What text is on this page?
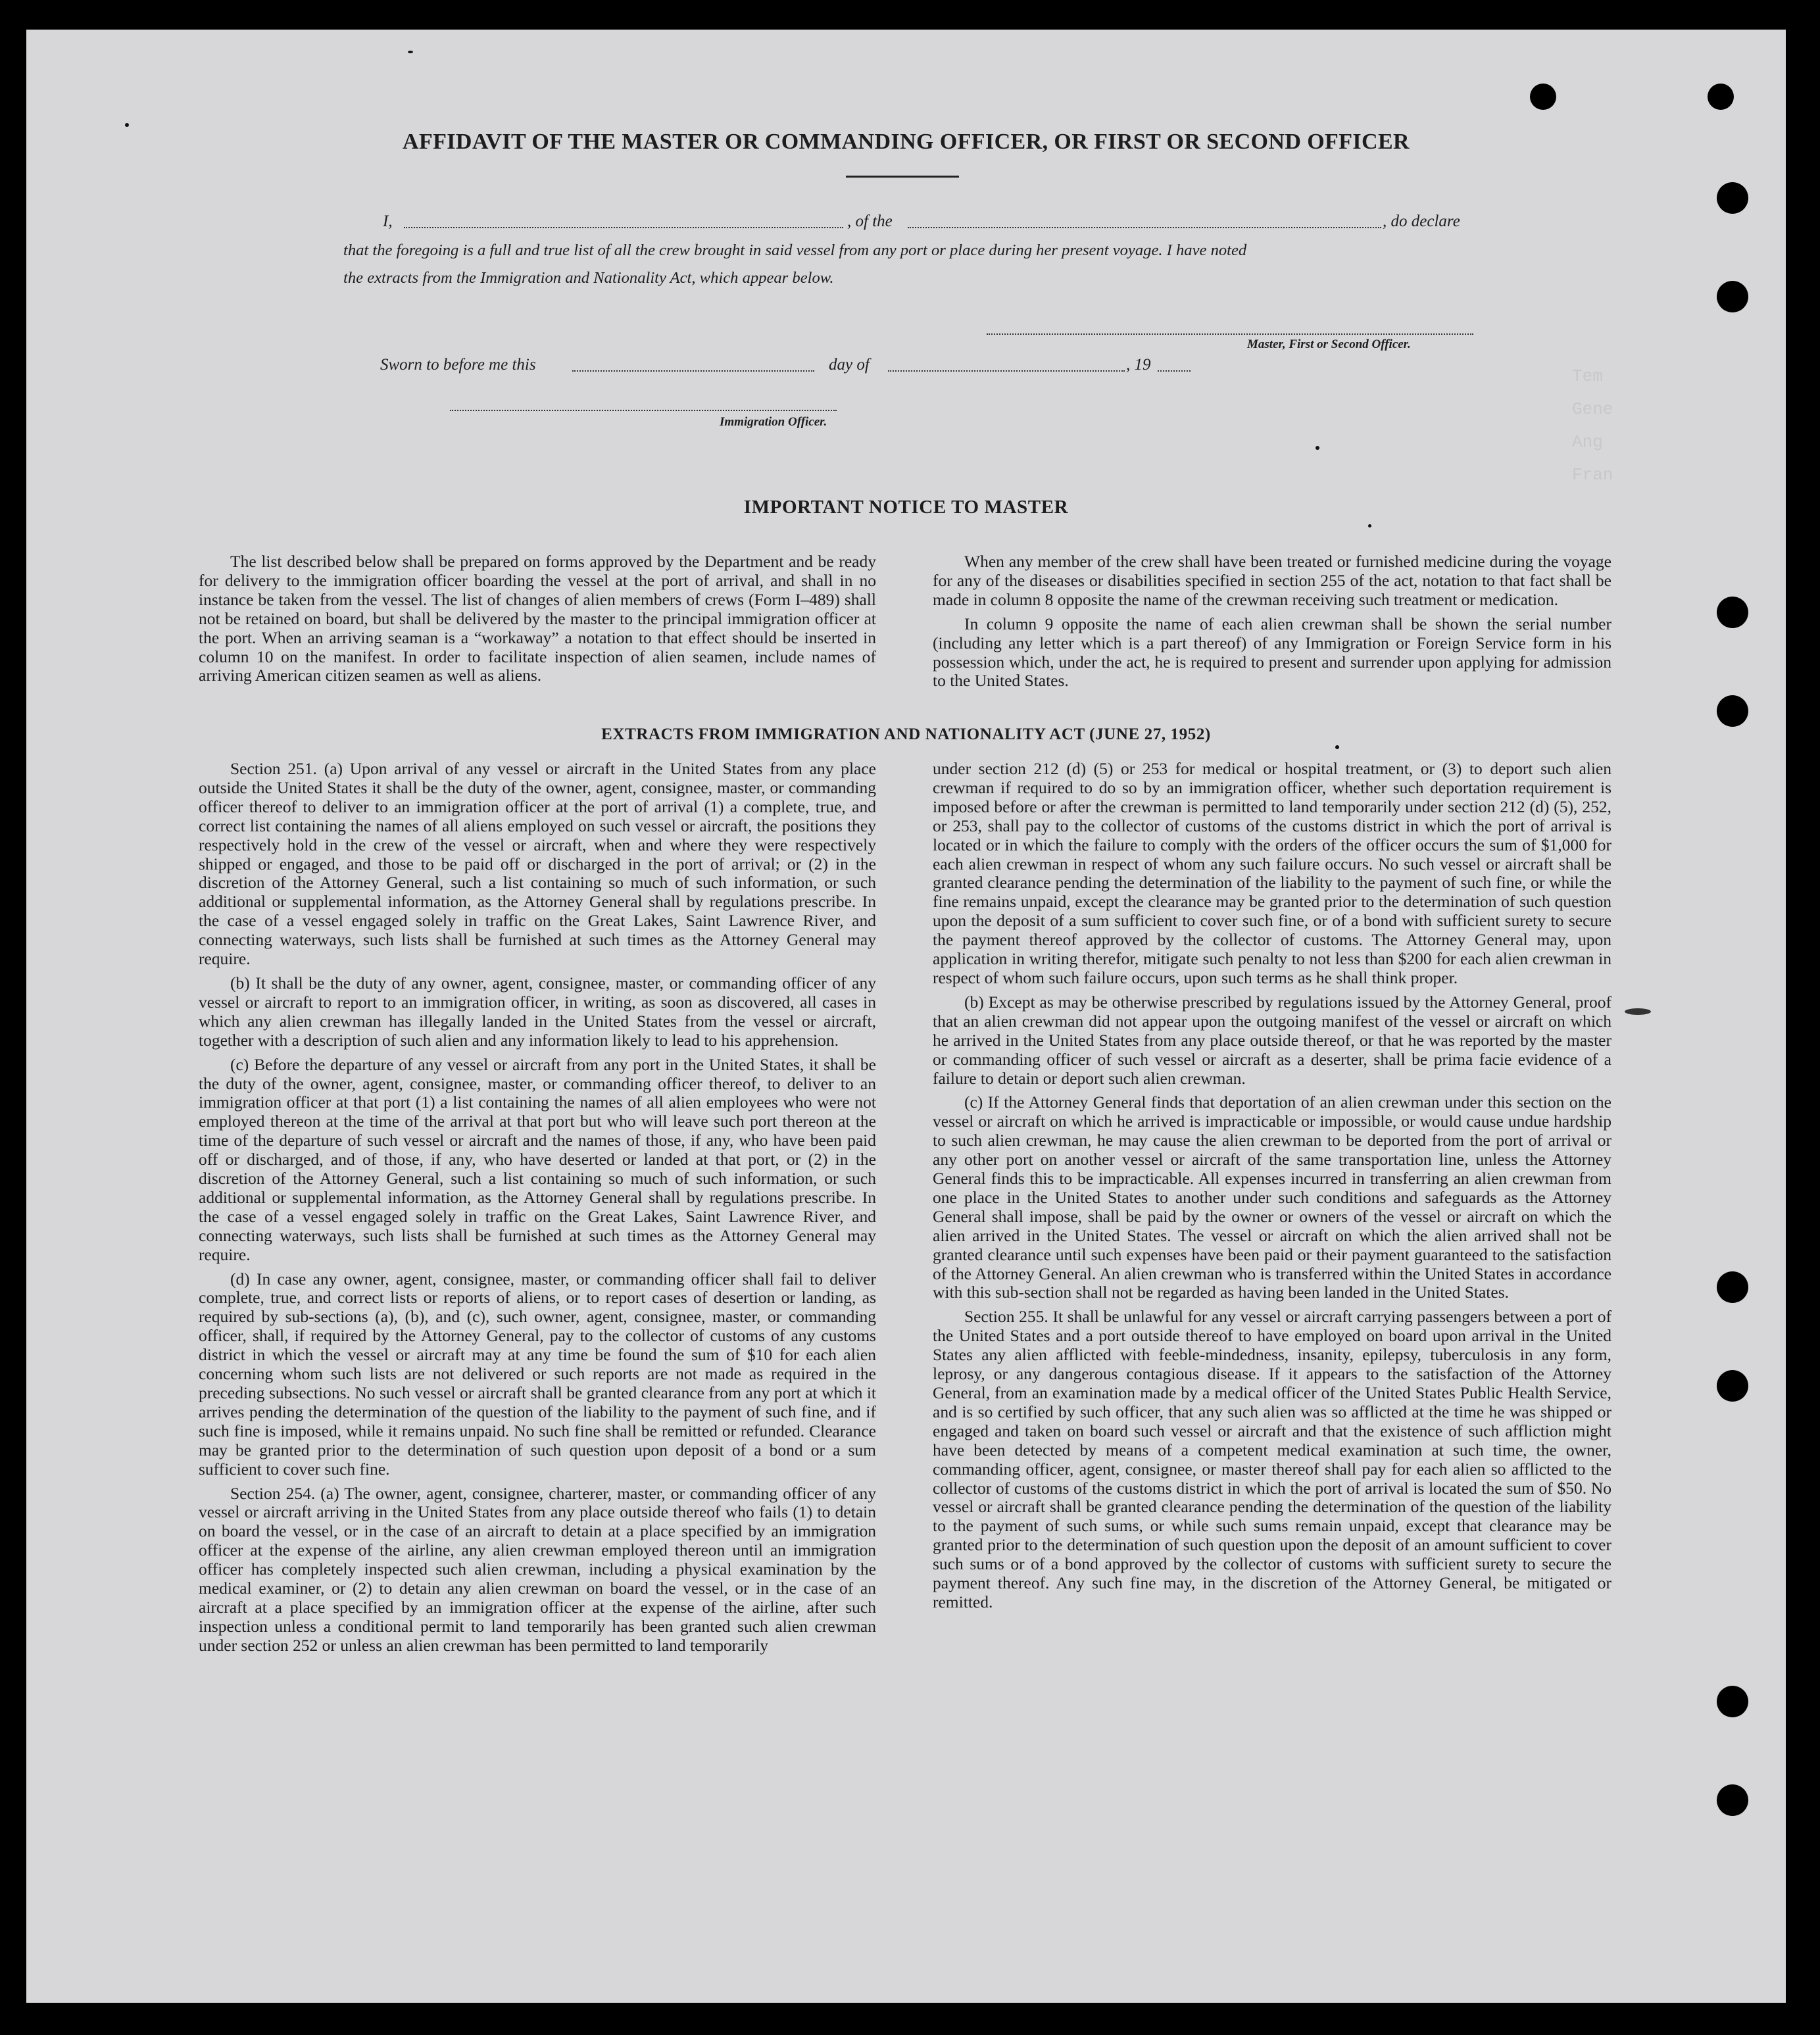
Tem
Gene
Ang
Fran
AFFIDAVIT OF THE MASTER OR COMMANDING OFFICER, OR FIRST OR SECOND OFFICER
I,	, of the	, do declare
that the foregoing is a full and true list of all the crew brought in said vessel from any port or place during her present voyage. I have noted
the extracts from the Immigration and Nationality Act, which appear below.
Master, First or Second Officer.
Sworn to before me this	day of	, 19
Immigration Officer.
IMPORTANT NOTICE TO MASTER

The list described below shall be prepared on forms approved by the Department and be ready for delivery to the immigration officer boarding the vessel at the port of arrival, and shall in no instance be taken from the vessel. The list of changes of alien members of crews (Form I–489) shall not be retained on board, but shall be delivered by the master to the principal immigration officer at the port. When an arriving seaman is a “workaway” a notation to that effect should be inserted in column 10 on the manifest. In order to facilitate inspection of alien seamen, include names of arriving American citizen seamen as well as aliens.

When any member of the crew shall have been treated or furnished medicine during the voyage for any of the diseases or disabilities specified in section 255 of the act, notation to that fact shall be made in column 8 opposite the name of the crewman receiving such treatment or medication.

In column 9 opposite the name of each alien crewman shall be shown the serial number (including any letter which is a part thereof) of any Immigration or Foreign Service form in his possession which, under the act, he is required to present and surrender upon applying for admission to the United States.

EXTRACTS FROM IMMIGRATION AND NATIONALITY ACT (JUNE 27, 1952)

Section 251. (a) Upon arrival of any vessel or aircraft in the United States from any place outside the United States it shall be the duty of the owner, agent, consignee, master, or commanding officer thereof to deliver to an immigration officer at the port of arrival (1) a complete, true, and correct list containing the names of all aliens employed on such vessel or aircraft, the positions they respectively hold in the crew of the vessel or aircraft, when and where they were respectively shipped or engaged, and those to be paid off or discharged in the port of arrival; or (2) in the discretion of the Attorney General, such a list containing so much of such information, or such additional or supplemental information, as the Attorney General shall by regulations prescribe. In the case of a vessel engaged solely in traffic on the Great Lakes, Saint Lawrence River, and connecting waterways, such lists shall be furnished at such times as the Attorney General may require.

(b) It shall be the duty of any owner, agent, consignee, master, or commanding officer of any vessel or aircraft to report to an immigration officer, in writing, as soon as discovered, all cases in which any alien crewman has illegally landed in the United States from the vessel or aircraft, together with a description of such alien and any information likely to lead to his apprehension.

(c) Before the departure of any vessel or aircraft from any port in the United States, it shall be the duty of the owner, agent, consignee, master, or commanding officer thereof, to deliver to an immigration officer at that port (1) a list containing the names of all alien employees who were not employed thereon at the time of the arrival at that port but who will leave such port thereon at the time of the departure of such vessel or aircraft and the names of those, if any, who have been paid off or discharged, and of those, if any, who have deserted or landed at that port, or (2) in the discretion of the Attorney General, such a list containing so much of such information, or such additional or supplemental information, as the Attorney General shall by regulations prescribe. In the case of a vessel engaged solely in traffic on the Great Lakes, Saint Lawrence River, and connecting waterways, such lists shall be furnished at such times as the Attorney General may require.

(d) In case any owner, agent, consignee, master, or commanding officer shall fail to deliver complete, true, and correct lists or reports of aliens, or to report cases of desertion or landing, as required by sub-sections (a), (b), and (c), such owner, agent, consignee, master, or commanding officer, shall, if required by the Attorney General, pay to the collector of customs of any customs district in which the vessel or aircraft may at any time be found the sum of $10 for each alien concerning whom such lists are not delivered or such reports are not made as required in the preceding subsections. No such vessel or aircraft shall be granted clearance from any port at which it arrives pending the determination of the question of the liability to the payment of such fine, and if such fine is imposed, while it remains unpaid. No such fine shall be remitted or refunded. Clearance may be granted prior to the determination of such question upon deposit of a bond or a sum sufficient to cover such fine.

Section 254. (a) The owner, agent, consignee, charterer, master, or commanding officer of any vessel or aircraft arriving in the United States from any place outside thereof who fails (1) to detain on board the vessel, or in the case of an aircraft to detain at a place specified by an immigration officer at the expense of the airline, any alien crewman employed thereon until an immigration officer has completely inspected such alien crewman, including a physical examination by the medical examiner, or (2) to detain any alien crewman on board the vessel, or in the case of an aircraft at a place specified by an immigration officer at the expense of the airline, after such inspection unless a conditional permit to land temporarily has been granted such alien crewman under section 252 or unless an alien crewman has been permitted to land temporarily

under section 212 (d) (5) or 253 for medical or hospital treatment, or (3) to deport such alien crewman if required to do so by an immigration officer, whether such deportation requirement is imposed before or after the crewman is permitted to land temporarily under section 212 (d) (5), 252, or 253, shall pay to the collector of customs of the customs district in which the port of arrival is located or in which the failure to comply with the orders of the officer occurs the sum of $1,000 for each alien crewman in respect of whom any such failure occurs. No such vessel or aircraft shall be granted clearance pending the determination of the liability to the payment of such fine, or while the fine remains unpaid, except the clearance may be granted prior to the determination of such question upon the deposit of a sum sufficient to cover such fine, or of a bond with sufficient surety to secure the payment thereof approved by the collector of customs. The Attorney General may, upon application in writing therefor, mitigate such penalty to not less than $200 for each alien crewman in respect of whom such failure occurs, upon such terms as he shall think proper.

(b) Except as may be otherwise prescribed by regulations issued by the Attorney General, proof that an alien crewman did not appear upon the outgoing manifest of the vessel or aircraft on which he arrived in the United States from any place outside thereof, or that he was reported by the master or commanding officer of such vessel or aircraft as a deserter, shall be prima facie evidence of a failure to detain or deport such alien crewman.

(c) If the Attorney General finds that deportation of an alien crewman under this section on the vessel or aircraft on which he arrived is impracticable or impossible, or would cause undue hardship to such alien crewman, he may cause the alien crewman to be deported from the port of arrival or any other port on another vessel or aircraft of the same transportation line, unless the Attorney General finds this to be impracticable. All expenses incurred in transferring an alien crewman from one place in the United States to another under such conditions and safeguards as the Attorney General shall impose, shall be paid by the owner or owners of the vessel or aircraft on which the alien arrived in the United States. The vessel or aircraft on which the alien arrived shall not be granted clearance until such expenses have been paid or their payment guaranteed to the satisfaction of the Attorney General. An alien crewman who is transferred within the United States in accordance with this sub-section shall not be regarded as having been landed in the United States.

Section 255. It shall be unlawful for any vessel or aircraft carrying passengers between a port of the United States and a port outside thereof to have employed on board upon arrival in the United States any alien afflicted with feeble-mindedness, insanity, epilepsy, tuberculosis in any form, leprosy, or any dangerous contagious disease. If it appears to the satisfaction of the Attorney General, from an examination made by a medical officer of the United States Public Health Service, and is so certified by such officer, that any such alien was so afflicted at the time he was shipped or engaged and taken on board such vessel or aircraft and that the existence of such affliction might have been detected by means of a competent medical examination at such time, the owner, commanding officer, agent, consignee, or master thereof shall pay for each alien so afflicted to the collector of customs of the customs district in which the port of arrival is located the sum of $50. No vessel or aircraft shall be granted clearance pending the determination of the question of the liability to the payment of such sums, or while such sums remain unpaid, except that clearance may be granted prior to the determination of such question upon the deposit of an amount sufficient to cover such sums or of a bond approved by the collector of customs with sufficient surety to secure the payment thereof. Any such fine may, in the discretion of the Attorney General, be mitigated or remitted.
